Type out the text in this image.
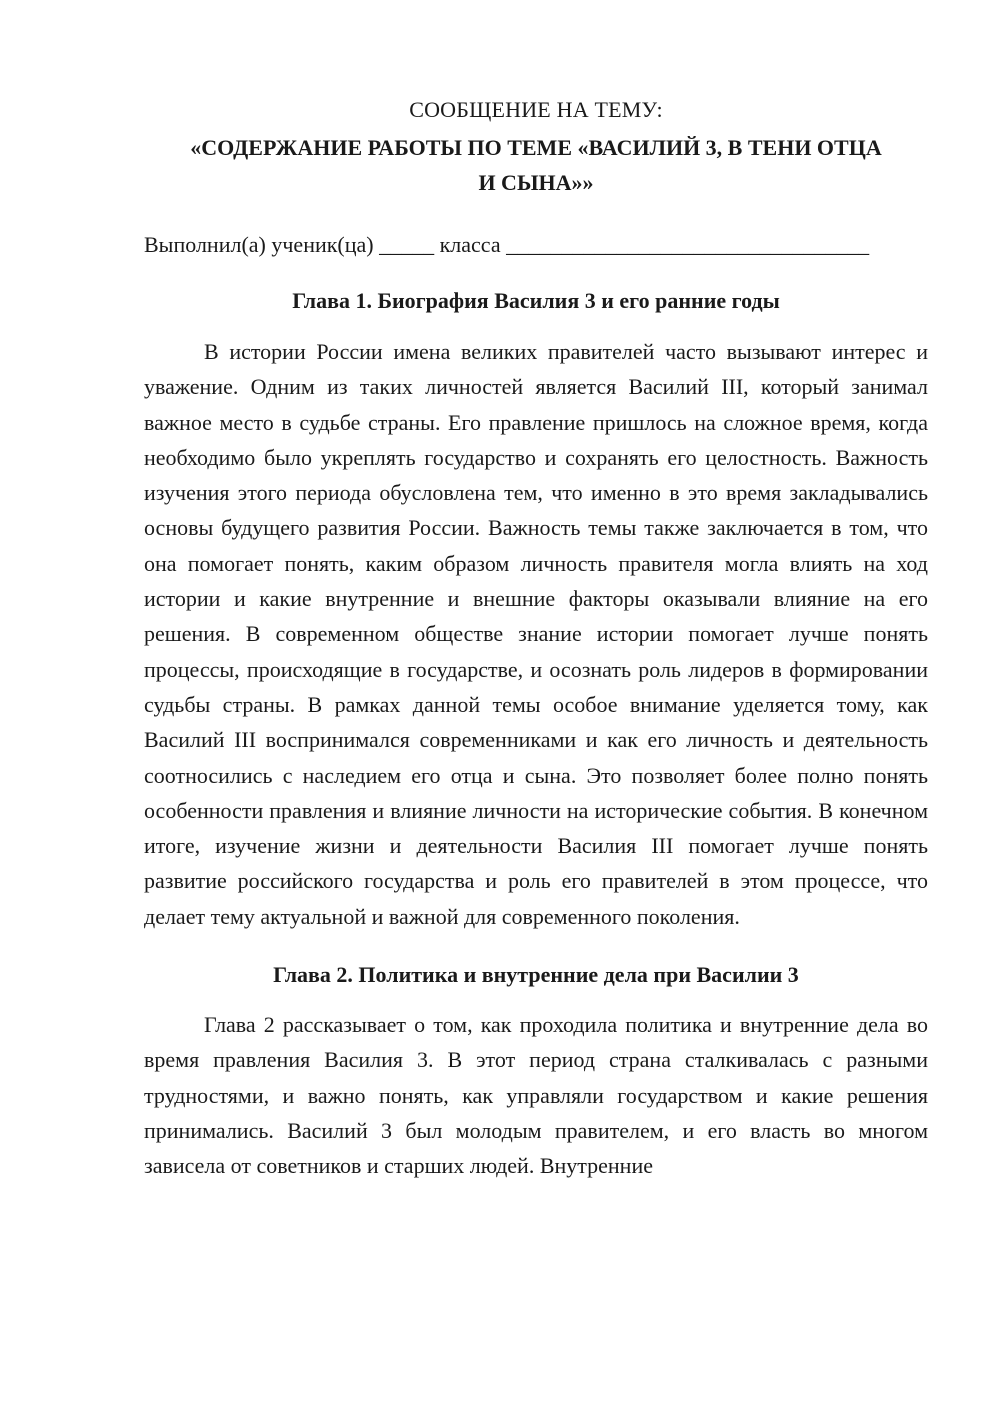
СООБЩЕНИЕ НА ТЕМУ:

«СОДЕРЖАНИЕ РАБОТЫ ПО ТЕМЕ «ВАСИЛИЙ 3, В ТЕНИ ОТЦА
И СЫНА»»

Выполнил(а) ученик(ца) _____ класса _________________________________

Глава 1. Биография Василия 3 и его ранние годы

В истории России имена великих правителей часто вызывают интерес и уважение. Одним из таких личностей является Василий III, который занимал важное место в судьбе страны. Его правление пришлось на сложное время, когда необходимо было укреплять государство и сохранять его целостность. Важность изучения этого периода обусловлена тем, что именно в это время закладывались основы будущего развития России. Важность темы также заключается в том, что она помогает понять, каким образом личность правителя могла влиять на ход истории и какие внутренние и внешние факторы оказывали влияние на его решения. В современном обществе знание истории помогает лучше понять процессы, происходящие в государстве, и осознать роль лидеров в формировании судьбы страны. В рамках данной темы особое внимание уделяется тому, как Василий III воспринимался современниками и как его личность и деятельность соотносились с наследием его отца и сына. Это позволяет более полно понять особенности правления и влияние личности на исторические события. В конечном итоге, изучение жизни и деятельности Василия III помогает лучше понять развитие российского государства и роль его правителей в этом процессе, что делает тему актуальной и важной для современного поколения.

Глава 2. Политика и внутренние дела при Василии 3

Глава 2 рассказывает о том, как проходила политика и внутренние дела во время правления Василия 3. В этот период страна сталкивалась с разными трудностями, и важно понять, как управляли государством и какие решения принимались. Василий 3 был молодым правителем, и его власть во многом зависела от советников и старших людей. Внутренние
